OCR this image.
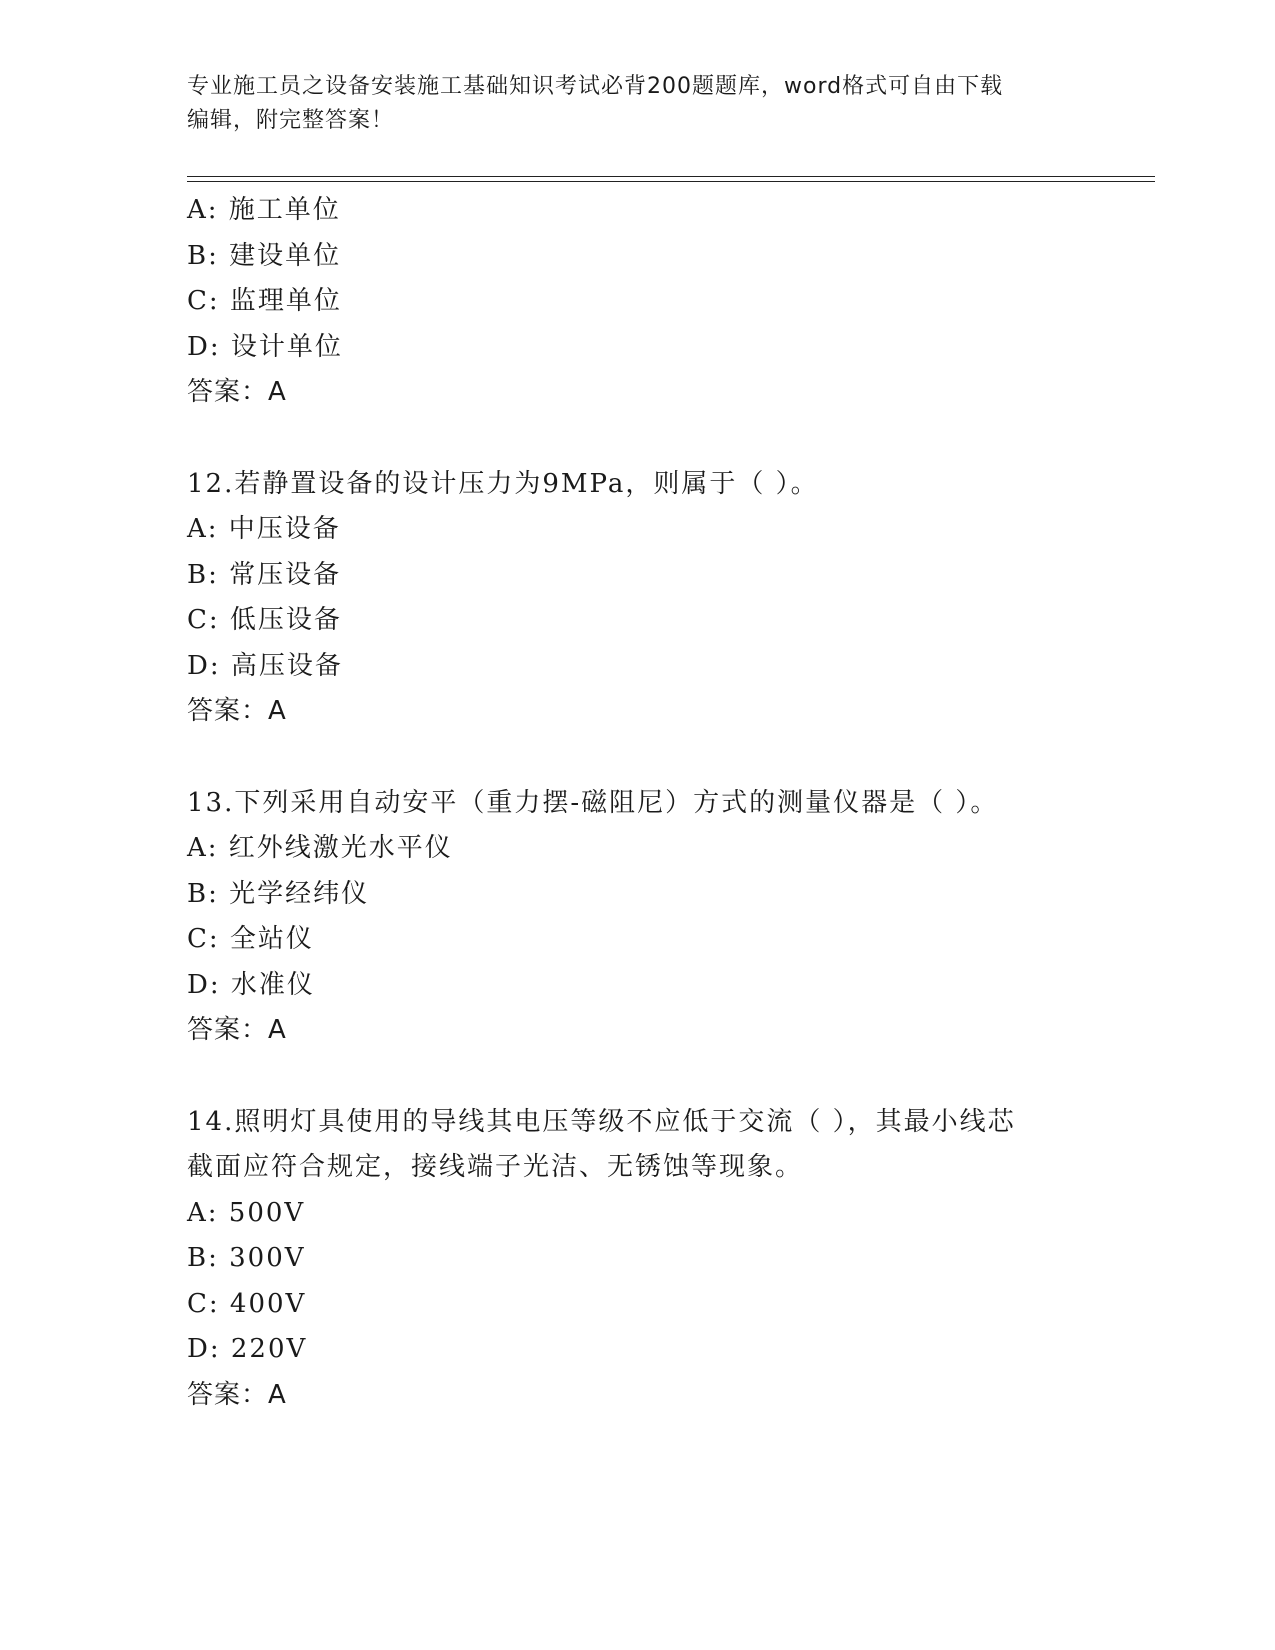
专业施工员之设备安装施工基础知识考试必背200题题库，word格式可自由下载
编辑，附完整答案！
A: 施工单位
B: 建设单位
C: 监理单位
D: 设计单位
答案：A
12.若静置设备的设计压力为9MPa，则属于（ ）。
A: 中压设备
B: 常压设备
C: 低压设备
D: 高压设备
答案：A
13.下列采用自动安平（重力摆-磁阻尼）方式的测量仪器是（ ）。
A: 红外线激光水平仪
B: 光学经纬仪
C: 全站仪
D: 水准仪
答案：A
14.照明灯具使用的导线其电压等级不应低于交流（ ），其最小线芯
截面应符合规定，接线端子光洁、无锈蚀等现象。
A: 500V
B: 300V
C: 400V
D: 220V
答案：A
